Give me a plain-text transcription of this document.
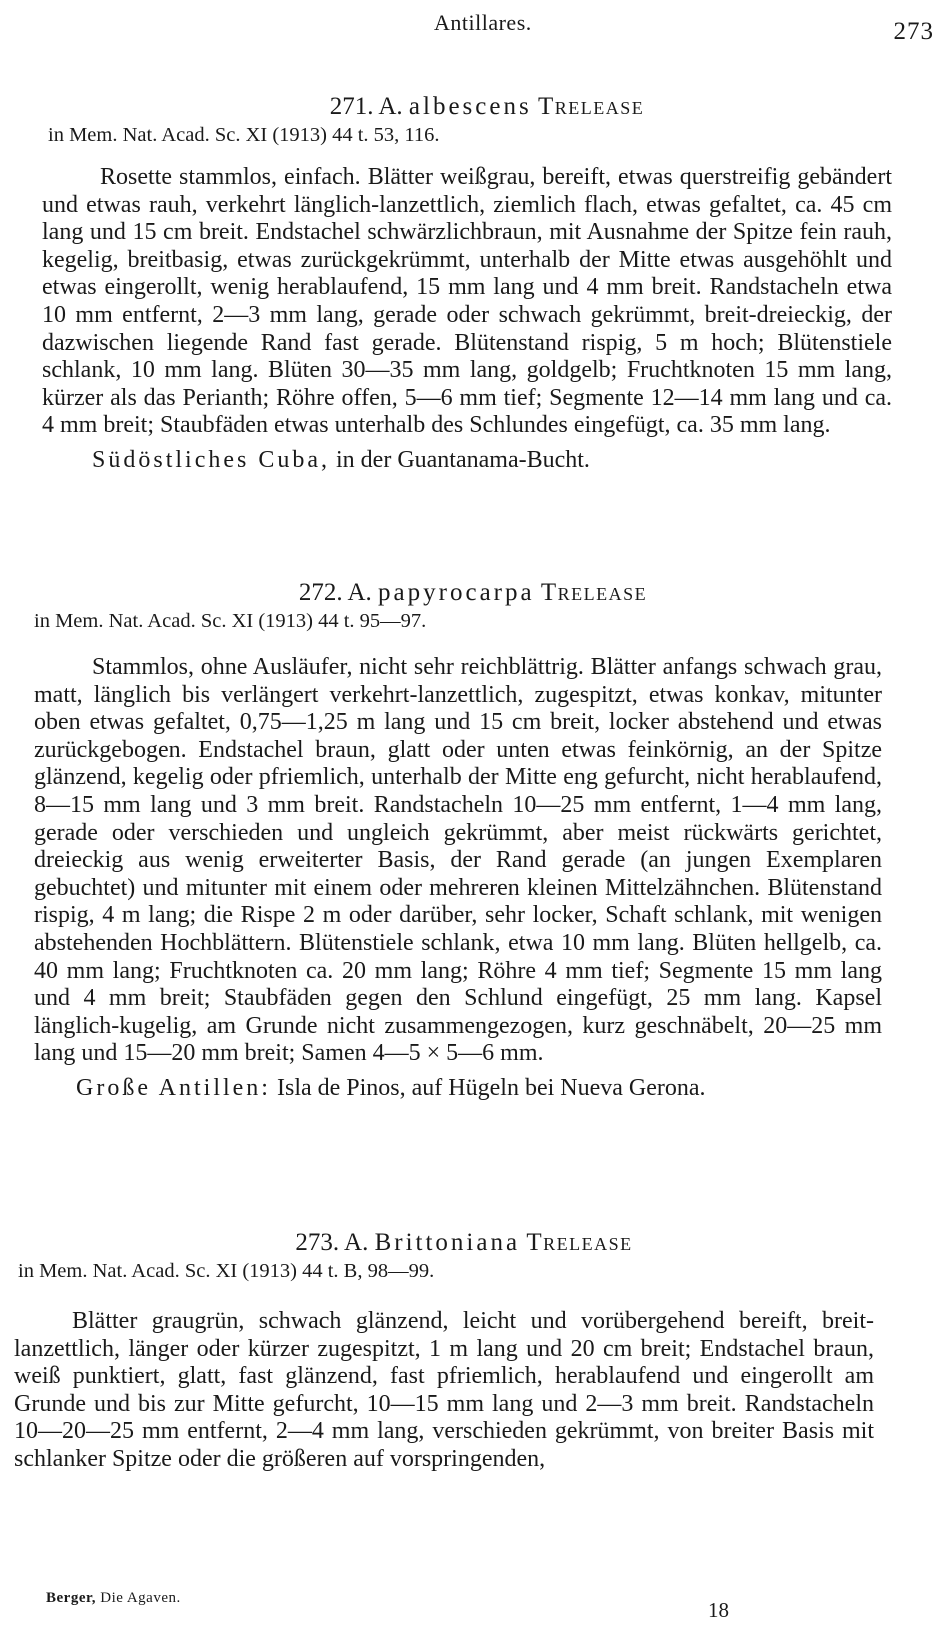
Antillares.	273
271. A. albescens Trelease

in Mem. Nat. Acad. Sc. XI (1913) 44 t. 53, 116.

Rosette stammlos, einfach. Blätter weißgrau, bereift, etwas querstreifig gebändert und etwas rauh, verkehrt länglich-lanzettlich, ziemlich flach, etwas gefaltet, ca. 45 cm lang und 15 cm breit. Endstachel schwärzlichbraun, mit Ausnahme der Spitze fein rauh, kegelig, breitbasig, etwas zurückgekrümmt, unterhalb der Mitte etwas ausgehöhlt und etwas eingerollt, wenig herablaufend, 15 mm lang und 4 mm breit. Randstacheln etwa 10 mm entfernt, 2—3 mm lang, gerade oder schwach gekrümmt, breit-dreieckig, der dazwischen liegende Rand fast gerade. Blütenstand rispig, 5 m hoch; Blütenstiele schlank, 10 mm lang. Blüten 30—35 mm lang, goldgelb; Fruchtknoten 15 mm lang, kürzer als das Perianth; Röhre offen, 5—6 mm tief; Segmente 12—14 mm lang und ca. 4 mm breit; Staubfäden etwas unterhalb des Schlundes eingefügt, ca. 35 mm lang.

Südöstliches Cuba, in der Guantanama-Bucht.

272. A. papyrocarpa Trelease

in Mem. Nat. Acad. Sc. XI (1913) 44 t. 95—97.

Stammlos, ohne Ausläufer, nicht sehr reichblättrig. Blätter anfangs schwach grau, matt, länglich bis verlängert verkehrt-lanzettlich, zugespitzt, etwas konkav, mitunter oben etwas gefaltet, 0,75—1,25 m lang und 15 cm breit, locker abstehend und etwas zurückgebogen. Endstachel braun, glatt oder unten etwas feinkörnig, an der Spitze glänzend, kegelig oder pfriemlich, unterhalb der Mitte eng gefurcht, nicht herablaufend, 8—15 mm lang und 3 mm breit. Randstacheln 10—25 mm entfernt, 1—4 mm lang, gerade oder verschieden und ungleich gekrümmt, aber meist rückwärts gerichtet, dreieckig aus wenig erweiterter Basis, der Rand gerade (an jungen Exemplaren gebuchtet) und mitunter mit einem oder mehreren kleinen Mittelzähnchen. Blütenstand rispig, 4 m lang; die Rispe 2 m oder darüber, sehr locker, Schaft schlank, mit wenigen abstehenden Hochblättern. Blütenstiele schlank, etwa 10 mm lang. Blüten hellgelb, ca. 40 mm lang; Fruchtknoten ca. 20 mm lang; Röhre 4 mm tief; Segmente 15 mm lang und 4 mm breit; Staubfäden gegen den Schlund eingefügt, 25 mm lang. Kapsel länglich-kugelig, am Grunde nicht zusammengezogen, kurz geschnäbelt, 20—25 mm lang und 15—20 mm breit; Samen 4—5 × 5—6 mm.

Große Antillen: Isla de Pinos, auf Hügeln bei Nueva Gerona.

273. A. Brittoniana Trelease

in Mem. Nat. Acad. Sc. XI (1913) 44 t. B, 98—99.

Blätter graugrün, schwach glänzend, leicht und vorübergehend bereift, breit-lanzettlich, länger oder kürzer zugespitzt, 1 m lang und 20 cm breit; Endstachel braun, weiß punktiert, glatt, fast glänzend, fast pfriemlich, herablaufend und eingerollt am Grunde und bis zur Mitte gefurcht, 10—15 mm lang und 2—3 mm breit. Randstacheln 10—20—25 mm entfernt, 2—4 mm lang, verschieden gekrümmt, von breiter Basis mit schlanker Spitze oder die größeren auf vorspringenden,

Berger, Die Agaven.	18
